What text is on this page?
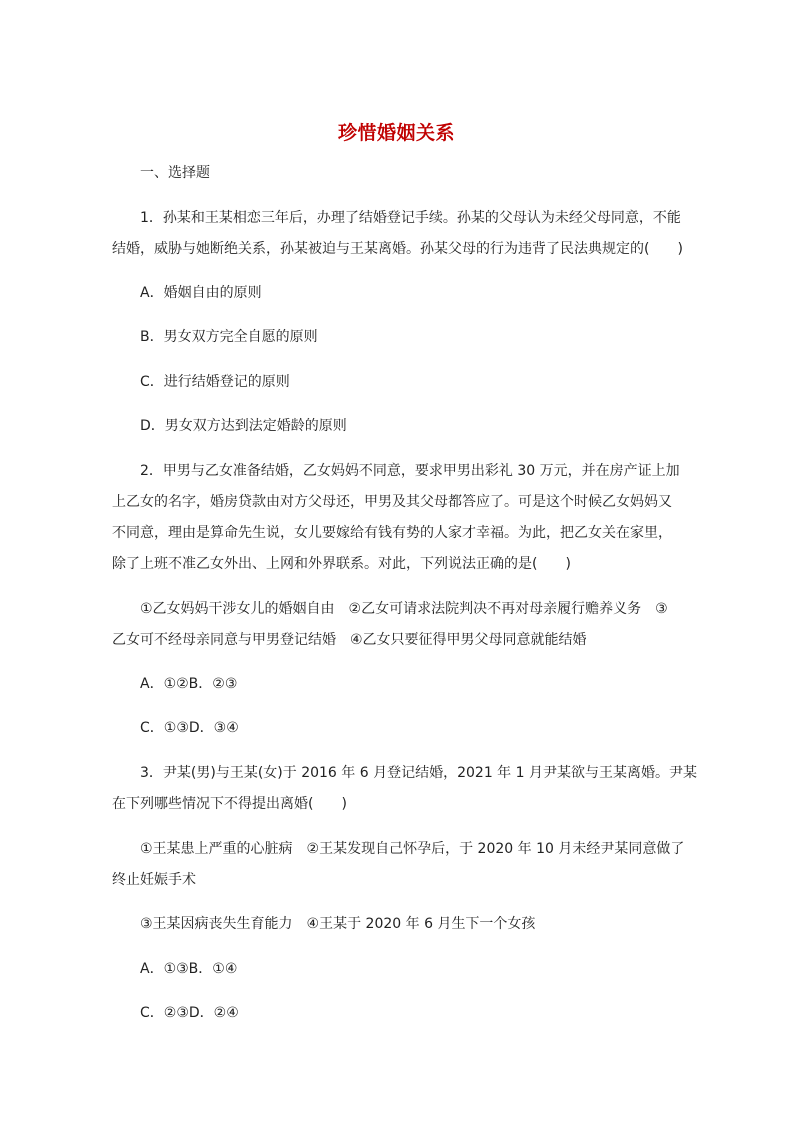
珍惜婚姻关系
一、选择题
1．孙某和王某相恋三年后，办理了结婚登记手续。孙某的父母认为未经父母同意，不能
结婚，威胁与她断绝关系，孙某被迫与王某离婚。孙某父母的行为违背了民法典规定的(　　)
A．婚姻自由的原则
B．男女双方完全自愿的原则
C．进行结婚登记的原则
D．男女双方达到法定婚龄的原则
2．甲男与乙女准备结婚，乙女妈妈不同意，要求甲男出彩礼 30 万元，并在房产证上加
上乙女的名字，婚房贷款由对方父母还，甲男及其父母都答应了。可是这个时候乙女妈妈又
不同意，理由是算命先生说，女儿要嫁给有钱有势的人家才幸福。为此，把乙女关在家里，
除了上班不准乙女外出、上网和外界联系。对此，下列说法正确的是(　　)
①乙女妈妈干涉女儿的婚姻自由　②乙女可请求法院判决不再对母亲履行赡养义务　③
乙女可不经母亲同意与甲男登记结婚　④乙女只要征得甲男父母同意就能结婚
A．①②B．②③
C．①③D．③④
3．尹某(男)与王某(女)于 2016 年 6 月登记结婚，2021 年 1 月尹某欲与王某离婚。尹某
在下列哪些情况下不得提出离婚(　　)
①王某患上严重的心脏病　②王某发现自己怀孕后，于 2020 年 10 月未经尹某同意做了
终止妊娠手术
③王某因病丧失生育能力　④王某于 2020 年 6 月生下一个女孩
A．①③B．①④
C．②③D．②④
